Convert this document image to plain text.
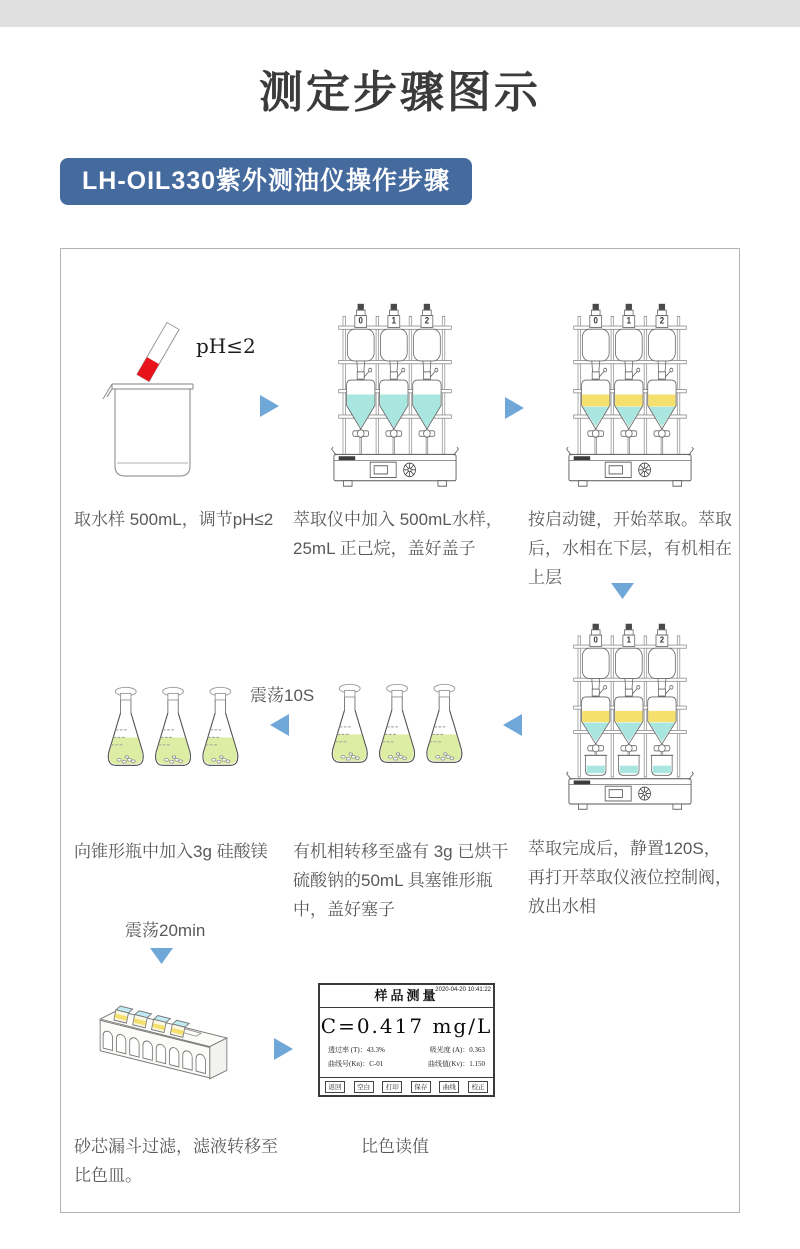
测定步骤图示
LH-OIL330紫外测油仪操作步骤
pH≤2
0	1	2	0	1	2
取水样 500mL，调节pH≤2	萃取仪中加入 500mL水样，25mL 正己烷，盖好盖子
按启动键，开始萃取。萃取后，水相在下层，有机相在上层
0	1	2
震荡10S
向锥形瓶中加入3g 硅酸镁	有机相转移至盛有 3g 已烘干硫酸钠的50mL 具塞锥形瓶中，盖好塞子
萃取完成后，静置120S，再打开萃取仪液位控制阀，放出水相
震荡20min
样品测量
2020-04-20 10:41:22
C=0.417 mg/L
透过率 (T)：43.3%	吸光度 (A)：0.363
曲线号(Kn)：C-01	曲线值(Kv)：1.150
返回	空白	打印	保存	曲线	校正
砂芯漏斗过滤，滤液转移至比色皿。
比色读值
